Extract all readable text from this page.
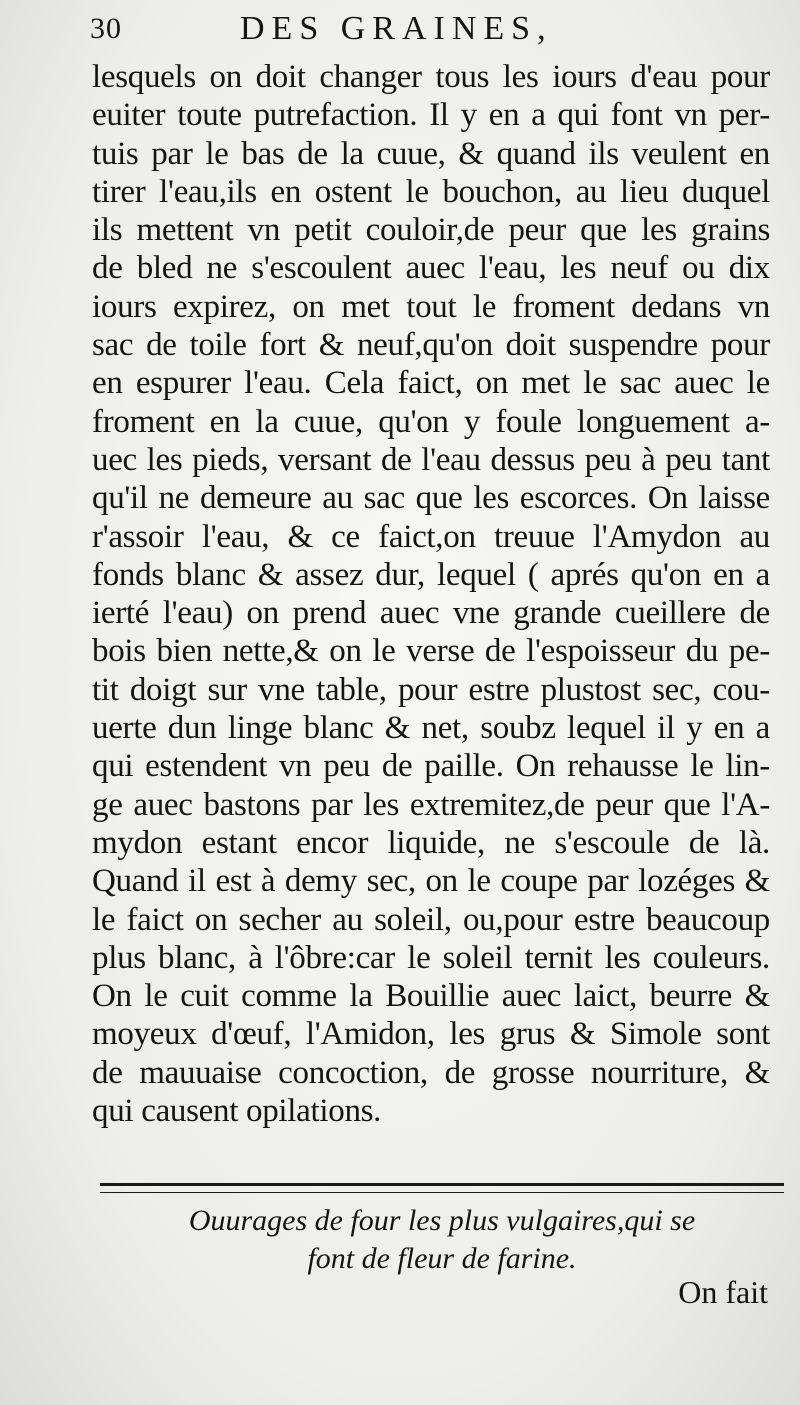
30	DES GRAINES,
lesquels on doit changer tous les iours d'eau pour
euiter toute putrefaction. Il y en a qui font vn per-
tuis par le bas de la cuue, & quand ils veulent en
tirer l'eau,ils en ostent le bouchon, au lieu duquel
ils mettent vn petit couloir,de peur que les grains
de bled ne s'escoulent auec l'eau, les neuf ou dix
iours expirez, on met tout le froment dedans vn
sac de toile fort & neuf,qu'on doit suspendre pour
en espurer l'eau. Cela faict, on met le sac auec le
froment en la cuue, qu'on y foule longuement a-
uec les pieds, versant de l'eau dessus peu à peu tant
qu'il ne demeure au sac que les escorces. On laisse
r'assoir l'eau, & ce faict,on treuue l'Amydon au
fonds blanc & assez dur, lequel ( aprés qu'on en a
ierté l'eau) on prend auec vne grande cueillere de
bois bien nette,& on le verse de l'espoisseur du pe-
tit doigt sur vne table, pour estre plustost sec, cou-
uerte dun linge blanc & net, soubz lequel il y en a
qui estendent vn peu de paille. On rehausse le lin-
ge auec bastons par les extremitez,de peur que l'A-
mydon estant encor liquide, ne s'escoule de là.
Quand il est à demy sec, on le coupe par lozéges &
le faict on secher au soleil, ou,pour estre beaucoup
plus blanc, à l'ôbre:car le soleil ternit les couleurs.
On le cuit comme la Bouillie auec laict, beurre &
moyeux d'œuf, l'Amidon, les grus & Simole sont
de mauuaise concoction, de grosse nourriture, &
qui causent opilations.
Ouurages de four les plus vulgaires,qui se
font de fleur de farine.
On fait
